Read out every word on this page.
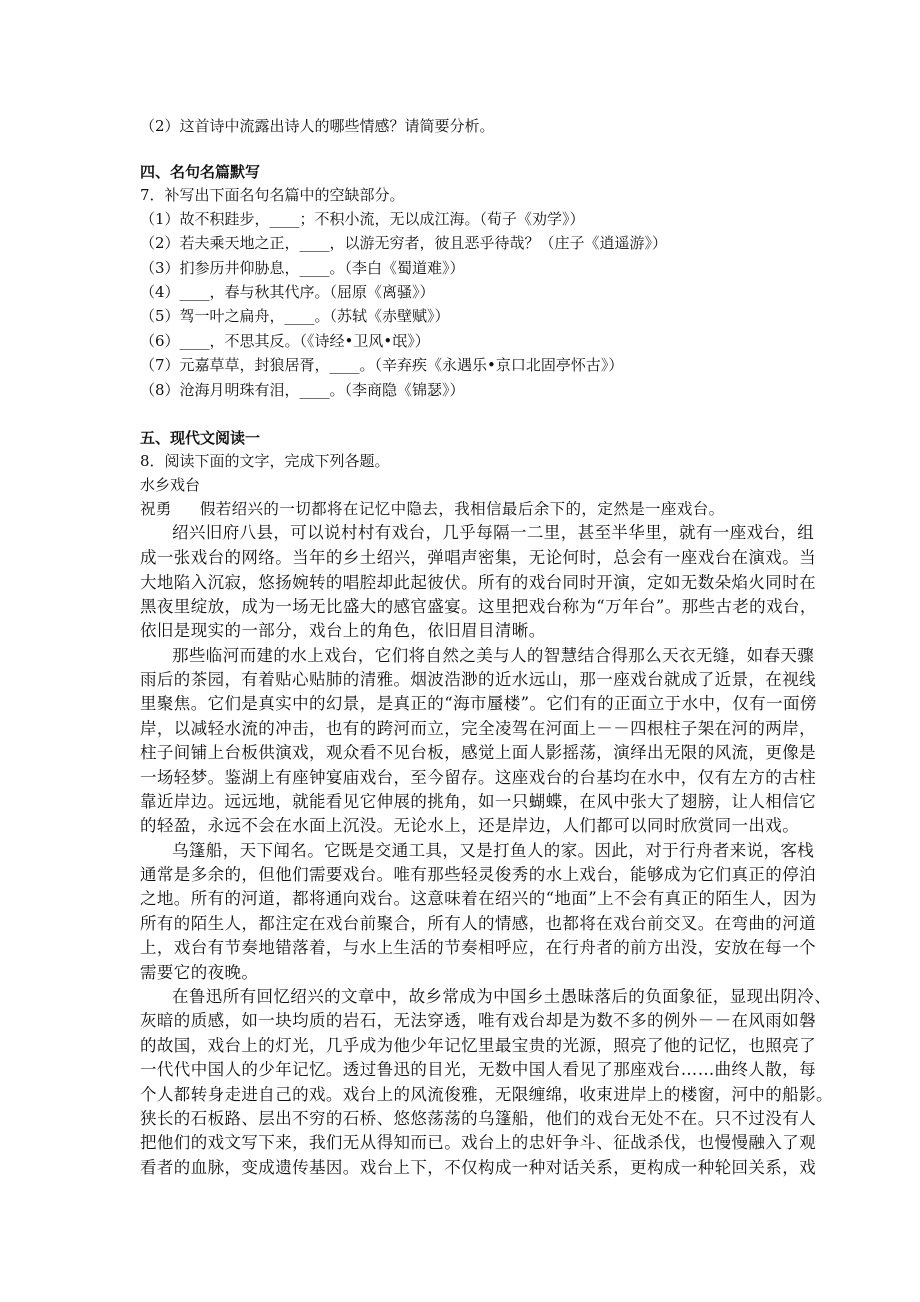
（2）这首诗中流露出诗人的哪些情感？请简要分析。
四、名句名篇默写
7．补写出下面名句名篇中的空缺部分。
（1）故不积跬步，____；不积小流，无以成江海。（荀子《劝学》）
（2）若夫乘天地之正，____，以游无穷者，彼且恶乎待哉？（庄子《逍遥游》）
（3）扪参历井仰胁息，____。（李白《蜀道难》）
（4）____，春与秋其代序。（屈原《离骚》）
（5）驾一叶之扁舟，____。（苏轼《赤壁赋》）
（6）____，不思其反。（《诗经•卫风•氓》）
（7）元嘉草草，封狼居胥，____。（辛弃疾《永遇乐•京口北固亭怀古》）
（8）沧海月明珠有泪，____。（李商隐《锦瑟》）
五、现代文阅读一
8．阅读下面的文字，完成下列各题。
水乡戏台
祝勇 假若绍兴的一切都将在记忆中隐去，我相信最后余下的，定然是一座戏台。
绍兴旧府八县，可以说村村有戏台，几乎每隔一二里，甚至半华里，就有一座戏台，组
成一张戏台的网络。当年的乡土绍兴，弹唱声密集，无论何时，总会有一座戏台在演戏。当
大地陷入沉寂，悠扬婉转的唱腔却此起彼伏。所有的戏台同时开演，定如无数朵焰火同时在
黑夜里绽放，成为一场无比盛大的感官盛宴。这里把戏台称为“万年台”。那些古老的戏台，
依旧是现实的一部分，戏台上的角色，依旧眉目清晰。
那些临河而建的水上戏台，它们将自然之美与人的智慧结合得那么天衣无缝，如春天骤
雨后的茶园，有着贴心贴肺的清雅。烟波浩渺的近水远山，那一座戏台就成了近景，在视线
里聚焦。它们是真实中的幻景，是真正的“海市蜃楼”。它们有的正面立于水中，仅有一面傍
岸，以减轻水流的冲击，也有的跨河而立，完全凌驾在河面上－－四根柱子架在河的两岸，
柱子间铺上台板供演戏，观众看不见台板，感觉上面人影摇荡，演绎出无限的风流，更像是
一场轻梦。鉴湖上有座钟宴庙戏台，至今留存。这座戏台的台基均在水中，仅有左方的古柱
靠近岸边。远远地，就能看见它伸展的挑角，如一只蝴蝶，在风中张大了翅膀，让人相信它
的轻盈，永远不会在水面上沉没。无论水上，还是岸边，人们都可以同时欣赏同一出戏。
乌篷船，天下闻名。它既是交通工具，又是打鱼人的家。因此，对于行舟者来说，客栈
通常是多余的，但他们需要戏台。唯有那些轻灵俊秀的水上戏台，能够成为它们真正的停泊
之地。所有的河道，都将通向戏台。这意味着在绍兴的“地面”上不会有真正的陌生人，因为
所有的陌生人，都注定在戏台前聚合，所有人的情感，也都将在戏台前交叉。在弯曲的河道
上，戏台有节奏地错落着，与水上生活的节奏相呼应，在行舟者的前方出没，安放在每一个
需要它的夜晚。
在鲁迅所有回忆绍兴的文章中，故乡常成为中国乡土愚昧落后的负面象征，显现出阴冷、
灰暗的质感，如一块均质的岩石，无法穿透，唯有戏台却是为数不多的例外－－在风雨如磐
的故国，戏台上的灯光，几乎成为他少年记忆里最宝贵的光源，照亮了他的记忆，也照亮了
一代代中国人的少年记忆。透过鲁迅的目光，无数中国人看见了那座戏台……曲终人散，每
个人都转身走进自己的戏。戏台上的风流俊雅，无限缠绵，收束进岸上的楼窗，河中的船影。
狭长的石板路、层出不穷的石桥、悠悠荡荡的乌篷船，他们的戏台无处不在。只不过没有人
把他们的戏文写下来，我们无从得知而已。戏台上的忠奸争斗、征战杀伐，也慢慢融入了观
看者的血脉，变成遗传基因。戏台上下，不仅构成一种对话关系，更构成一种轮回关系，戏
